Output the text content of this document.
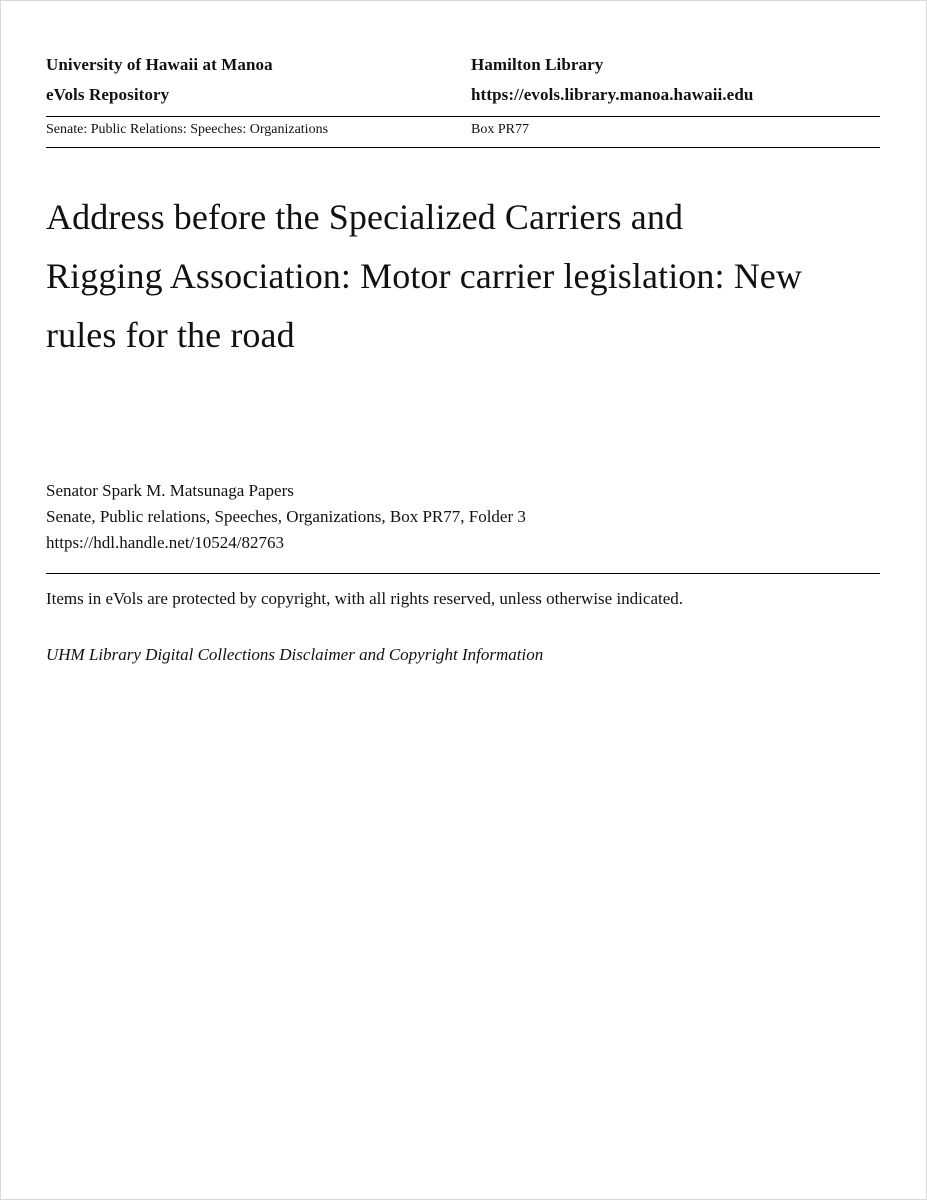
University of Hawaii at Manoa	Hamilton Library
eVols Repository	https://evols.library.manoa.hawaii.edu
Senate: Public Relations: Speeches: Organizations	Box PR77
Address before the Specialized Carriers and Rigging Association: Motor carrier legislation: New rules for the road
Senator Spark M. Matsunaga Papers
Senate, Public relations, Speeches, Organizations, Box PR77, Folder 3
https://hdl.handle.net/10524/82763
Items in eVols are protected by copyright, with all rights reserved, unless otherwise indicated.
UHM Library Digital Collections Disclaimer and Copyright Information
